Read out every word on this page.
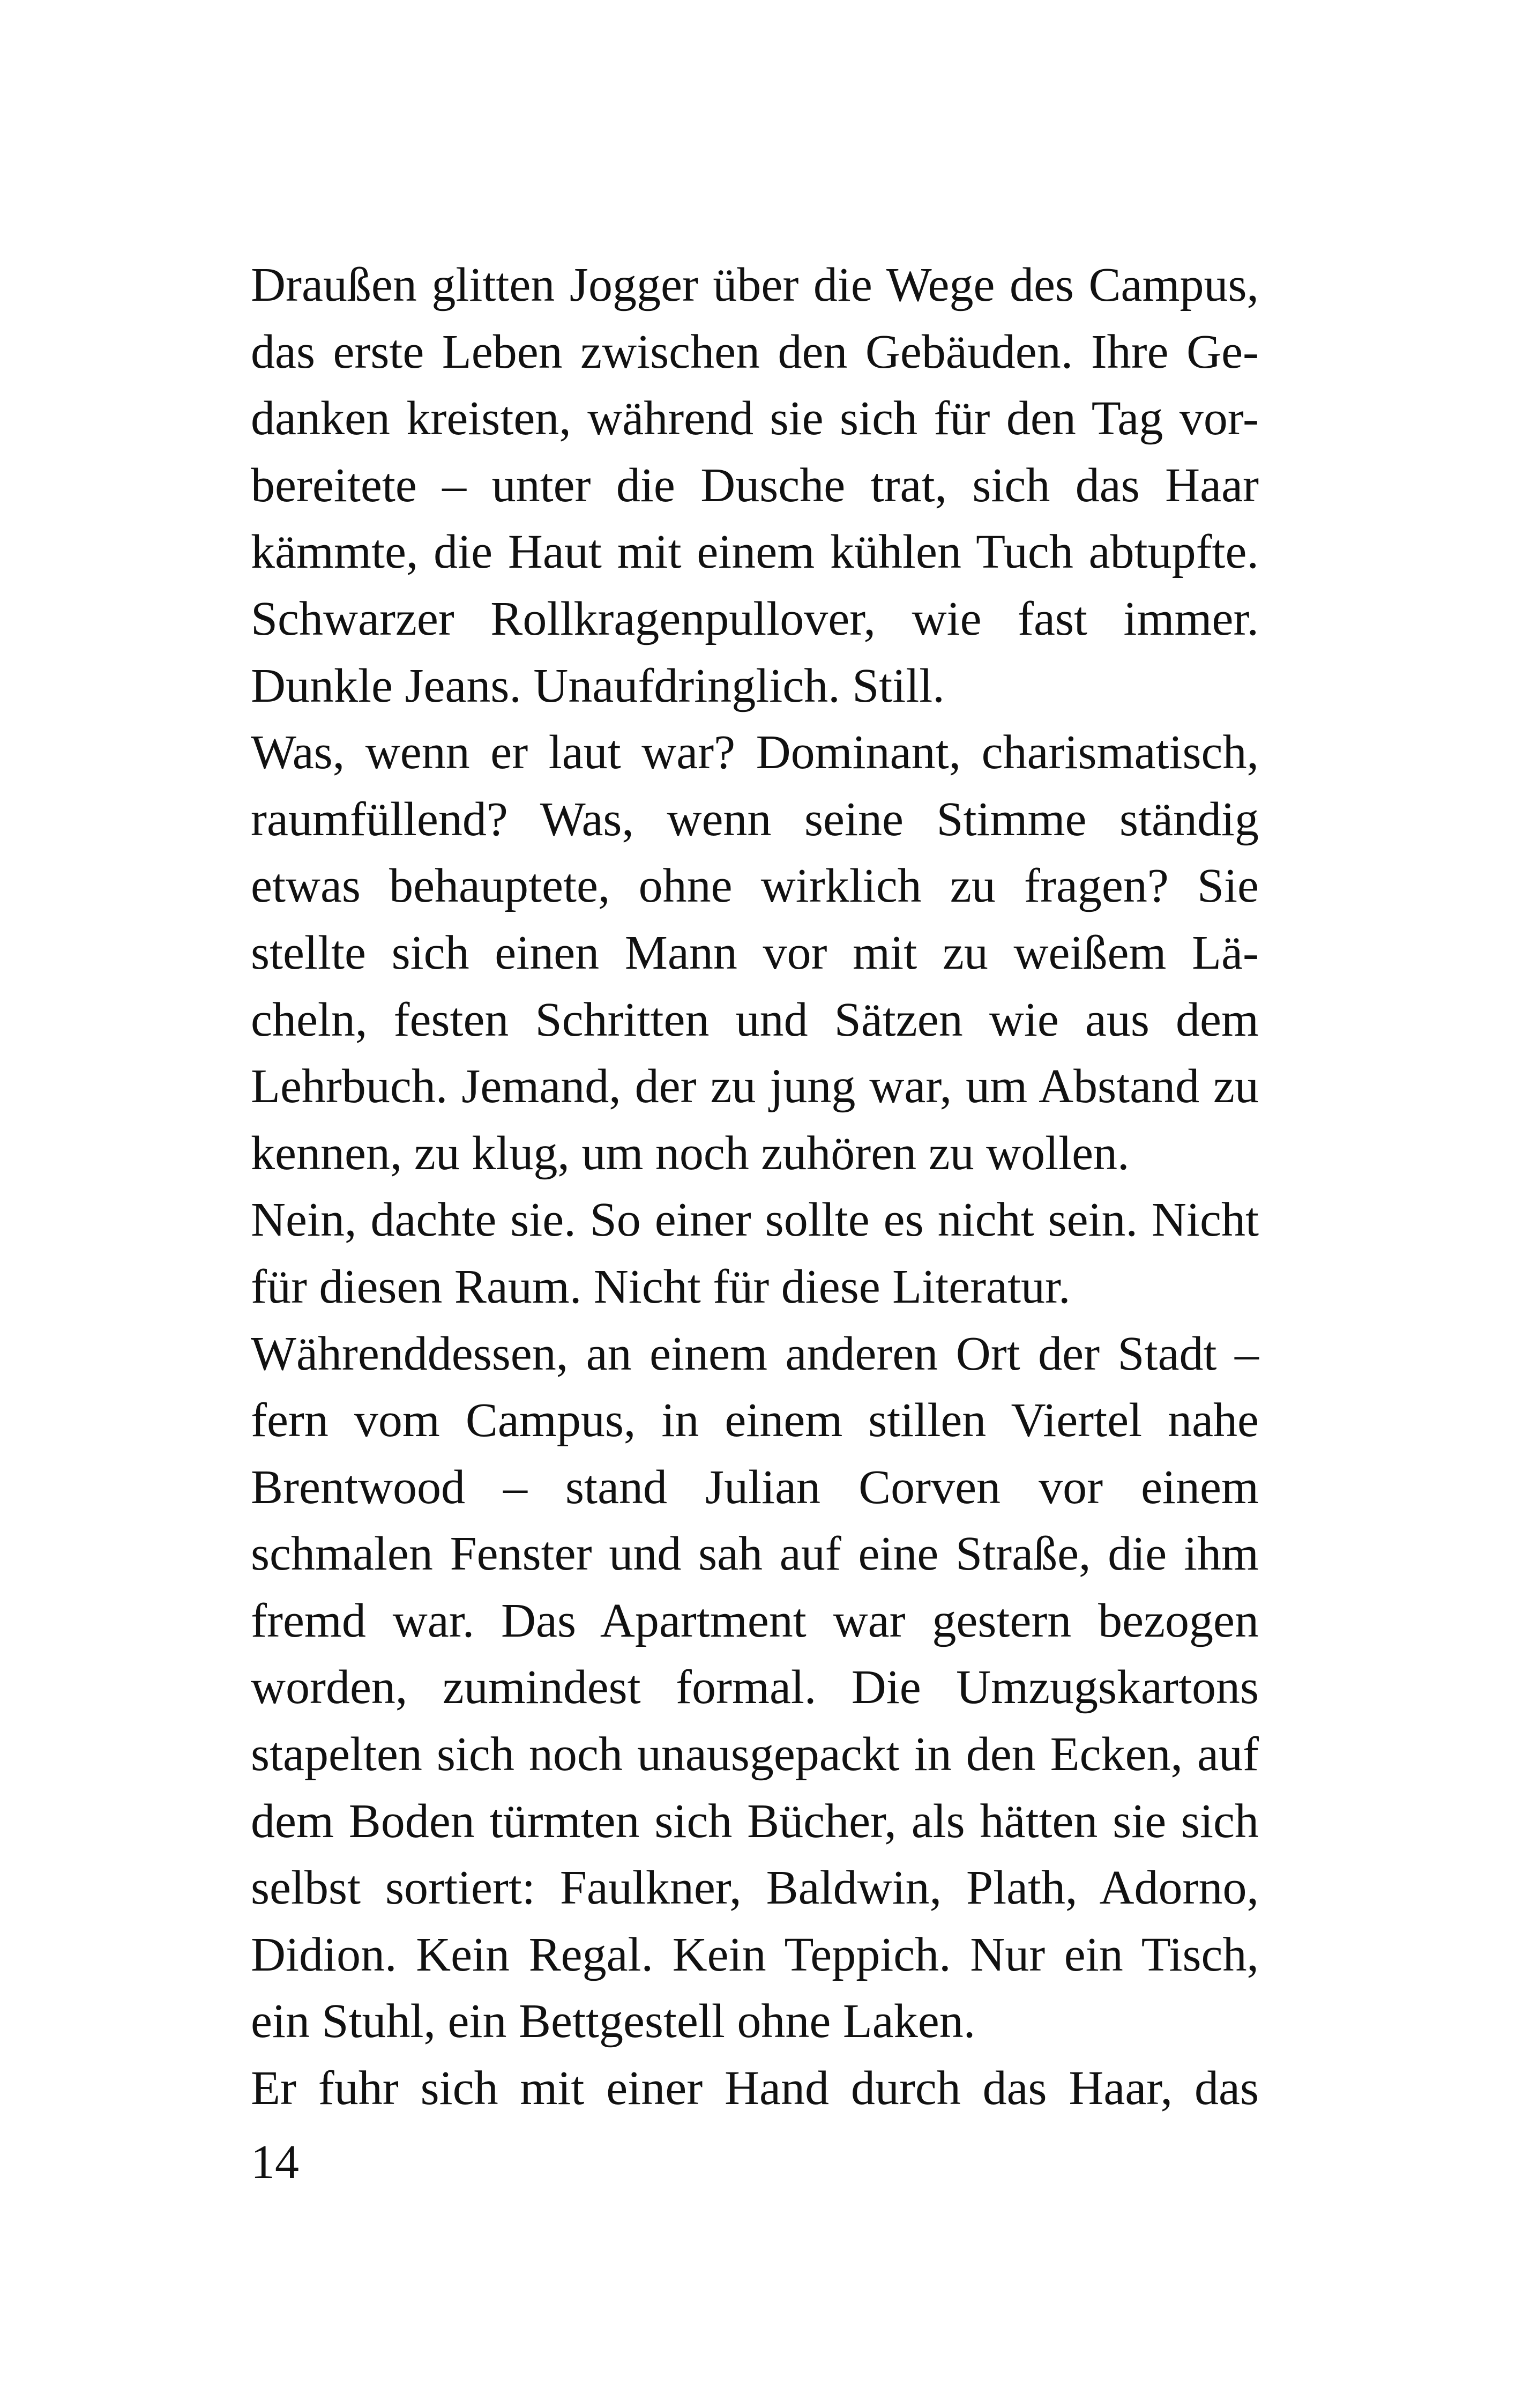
Draußen glitten Jogger über die Wege des Campus,
das erste Leben zwischen den Gebäuden. Ihre Ge-
danken kreisten, während sie sich für den Tag vor-
bereitete – unter die Dusche trat, sich das Haar
kämmte, die Haut mit einem kühlen Tuch abtupfte.
Schwarzer Rollkragenpullover, wie fast immer.
Dunkle Jeans. Unaufdringlich. Still.
Was, wenn er laut war? Dominant, charismatisch,
raumfüllend? Was, wenn seine Stimme ständig
etwas behauptete, ohne wirklich zu fragen? Sie
stellte sich einen Mann vor mit zu weißem Lä-
cheln, festen Schritten und Sätzen wie aus dem
Lehrbuch. Jemand, der zu jung war, um Abstand zu
kennen, zu klug, um noch zuhören zu wollen.
Nein, dachte sie. So einer sollte es nicht sein. Nicht
für diesen Raum. Nicht für diese Literatur.
Währenddessen, an einem anderen Ort der Stadt –
fern vom Campus, in einem stillen Viertel nahe
Brentwood – stand Julian Corven vor einem
schmalen Fenster und sah auf eine Straße, die ihm
fremd war. Das Apartment war gestern bezogen
worden, zumindest formal. Die Umzugskartons
stapelten sich noch unausgepackt in den Ecken, auf
dem Boden türmten sich Bücher, als hätten sie sich
selbst sortiert: Faulkner, Baldwin, Plath, Adorno,
Didion. Kein Regal. Kein Teppich. Nur ein Tisch,
ein Stuhl, ein Bettgestell ohne Laken.
Er fuhr sich mit einer Hand durch das Haar, das
14
